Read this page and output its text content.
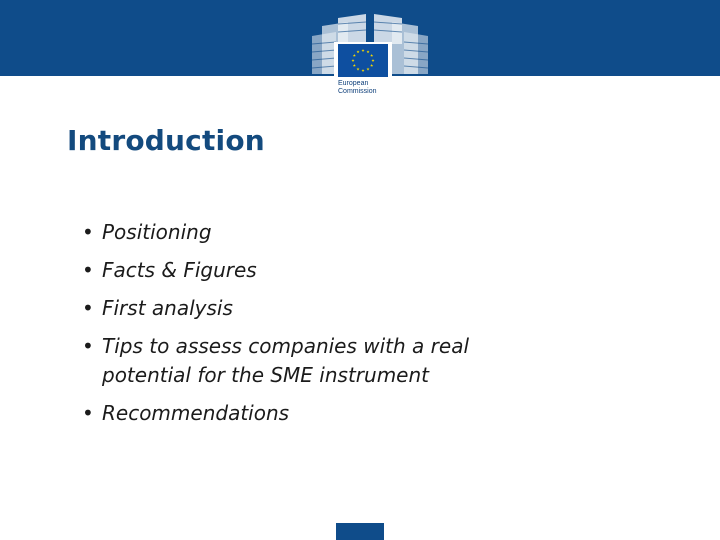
European
Commission
Introduction
• Positioning
• Facts & Figures
• First analysis
• Tips to assess companies with a real
potential for the SME instrument
• Recommendations
